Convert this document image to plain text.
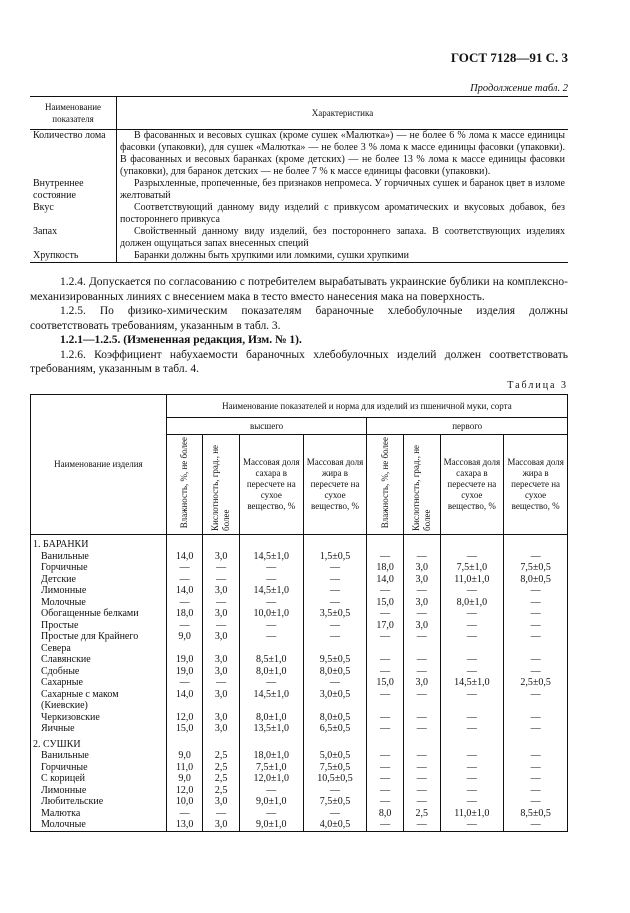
ГОСТ 7128—91 С. 3
Продолжение табл. 2
Наименование показателя	Характеристика
Количество лома	В фасованных и весовых сушках (кроме сушек «Малютка») — не более 6 % лома к массе единицы фасовки (упаковки), для сушек «Малютка» — не более 3 % лома к массе единицы фасовки (упаковки). В фасованных и весовых баранках (кроме детских) — не более 13 % лома к массе единицы фасовки (упаковки), для баранок детских — не более 7 % к массе единицы фасовки (упаковки).
Внутреннее состояние	Разрыхленные, пропеченные, без признаков непромеса. У горчичных сушек и баранок цвет в изломе желтоватый
Вкус	Соответствующий данному виду изделий с привкусом ароматических и вкусовых добавок, без постороннего привкуса
Запах	Свойственный данному виду изделий, без постороннего запаха. В соответствующих изделиях должен ощущаться запах внесенных специй
Хрупкость	Баранки должны быть хрупкими или ломкими, сушки хрупкими

1.2.4. Допускается по согласованию с потребителем вырабатывать украинские бублики на комплексно-механизированных линиях с внесением мака в тесто вместо нанесения мака на поверхность.

1.2.5. По физико-химическим показателям бараночные хлебобулочные изделия должны соответствовать требованиям, указанным в табл. 3.

1.2.1—1.2.5. (Измененная редакция, Изм. № 1).

1.2.6. Коэффициент набухаемости бараночных хлебобулочных изделий должен соответствовать требованиям, указанным в табл. 4.

Таблица 3
Наименование изделия	Наименование показателей и норма для изделий из пшеничной муки, сорта							
	высшего				первого			
	Влажность, %, не более	Кислотность, град., не более	Массовая доля сахара в пересчете на сухое вещество, %	Массовая доля жира в пересчете на сухое вещество, %	Влажность, %, не более	Кислотность, град., не более	Массовая доля сахара в пересчете на сухое вещество, %	Массовая доля жира в пересчете на сухое вещество, %
1. БАРАНКИ								
Ванильные	14,0	3,0	14,5±1,0	1,5±0,5	—	—	—	—
Горчичные	—	—	—	—	18,0	3,0	7,5±1,0	7,5±0,5
Детские	—	—	—	—	14,0	3,0	11,0±1,0	8,0±0,5
Лимонные	14,0	3,0	14,5±1,0	—	—	—	—	—
Молочные	—	—	—	—	15,0	3,0	8,0±1,0	—
Обогащенные белками	18,0	3,0	10,0±1,0	3,5±0,5	—	—	—	—
Простые	—	—	—	—	17,0	3,0	—	—
Простые для Крайнего Севера	9,0	3,0	—	—	—	—	—	—
Славянские	19,0	3,0	8,5±1,0	9,5±0,5	—	—	—	—
Сдобные	19,0	3,0	8,0±1,0	8,0±0,5	—	—	—	—
Сахарные	—	—	—	—	15,0	3,0	14,5±1,0	2,5±0,5
Сахарные с маком (Киевские)	14,0	3,0	14,5±1,0	3,0±0,5	—	—	—	—
Черкизовские	12,0	3,0	8,0±1,0	8,0±0,5	—	—	—	—
Яичные	15,0	3,0	13,5±1,0	6,5±0,5	—	—	—	—
2. СУШКИ								
Ванильные	9,0	2,5	18,0±1,0	5,0±0,5	—	—	—	—
Горчичные	11,0	2,5	7,5±1,0	7,5±0,5	—	—	—	—
С корицей	9,0	2,5	12,0±1,0	10,5±0,5	—	—	—	—
Лимонные	12,0	2,5	—	—	—	—	—	—
Любительские	10,0	3,0	9,0±1,0	7,5±0,5	—	—	—	—
Малютка	—	—	—	—	8,0	2,5	11,0±1,0	8,5±0,5
Молочные	13,0	3,0	9,0±1,0	4,0±0,5	—	—	—	—
